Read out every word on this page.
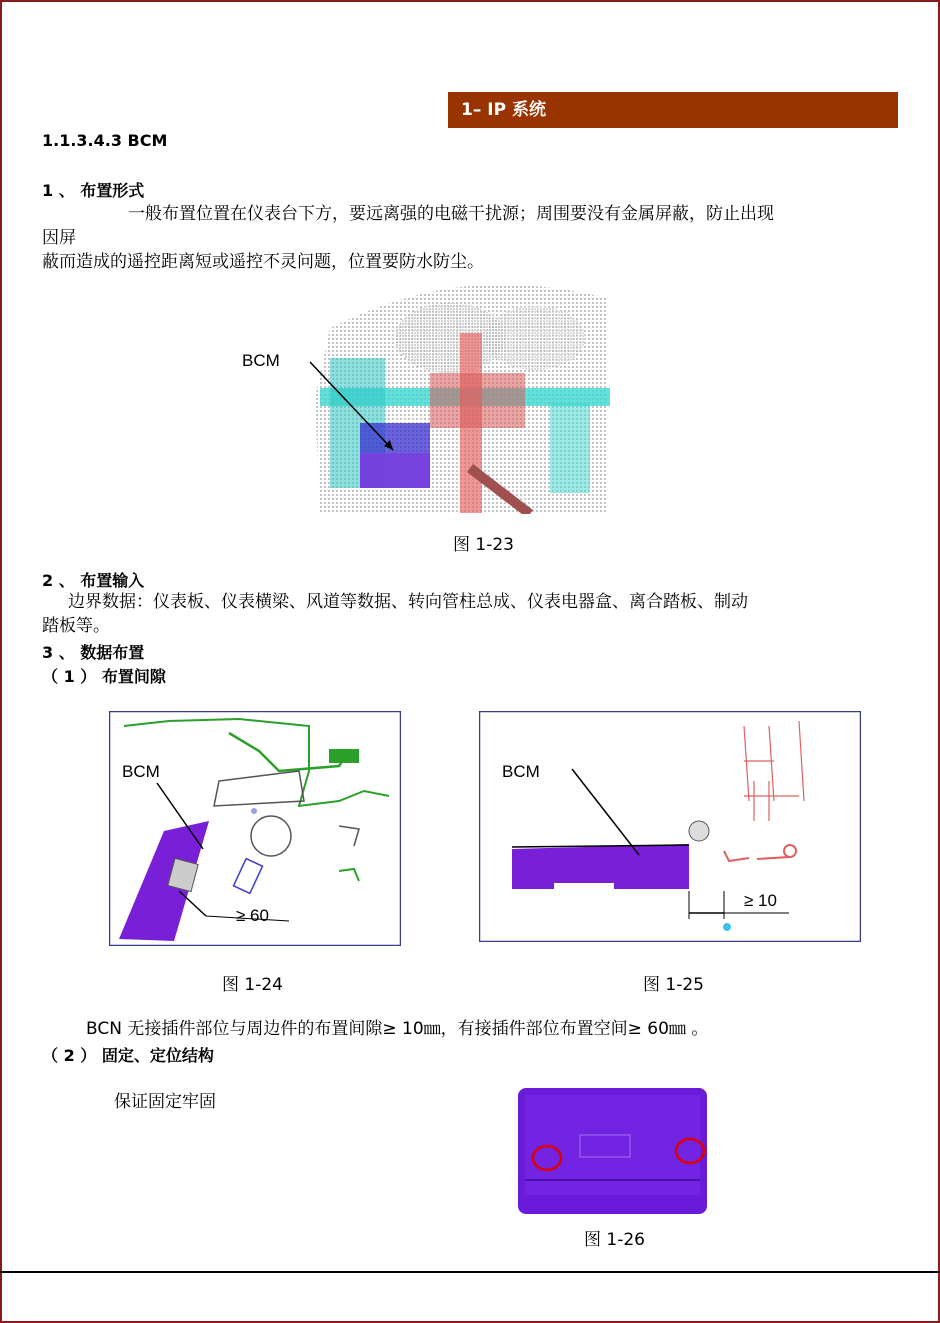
1– IP 系统
1.1.3.4.3 BCM
1 、 布置形式
一般布置位置在仪表台下方，要远离强的电磁干扰源；周围要没有金属屏蔽，防止出现
因屏
蔽而造成的遥控距离短或遥控不灵问题，位置要防水防尘。
BCM
图 1-23
2 、 布置输入
边界数据：仪表板、仪表横梁、风道等数据、转向管柱总成、仪表电器盒、离合踏板、制动
踏板等。
3 、 数据布置
（ 1 ） 布置间隙
BCM
≥ 60
图 1-24
BCM
≥ 10
图 1-25
BCN 无接插件部位与周边件的布置间隙≥ 10㎜，有接插件部位布置空间≥ 60㎜ 。
（ 2 ） 固定、定位结构
保证固定牢固
图 1-26
